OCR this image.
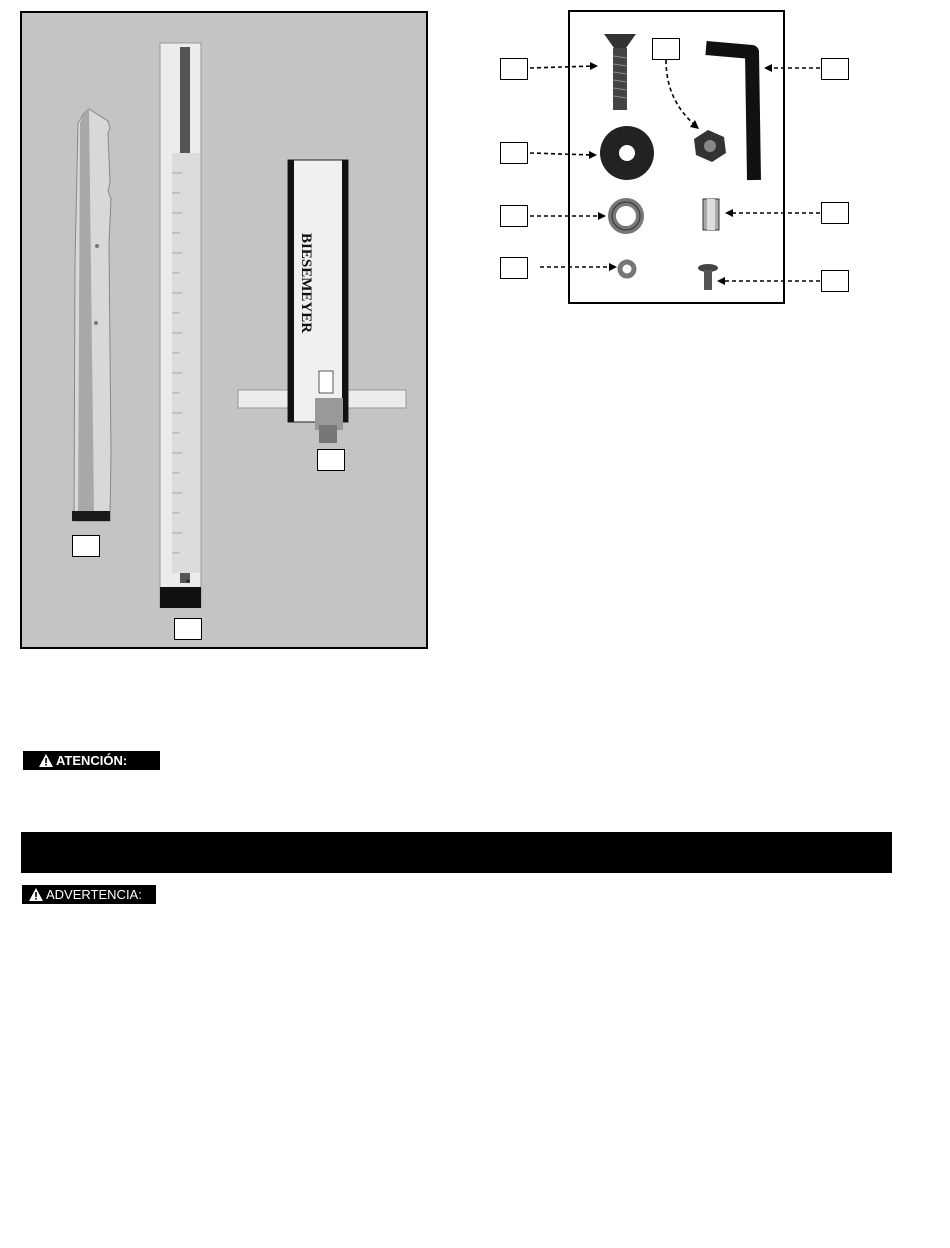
BIESEMEYER
ATENCIÓN:
ADVERTENCIA:
